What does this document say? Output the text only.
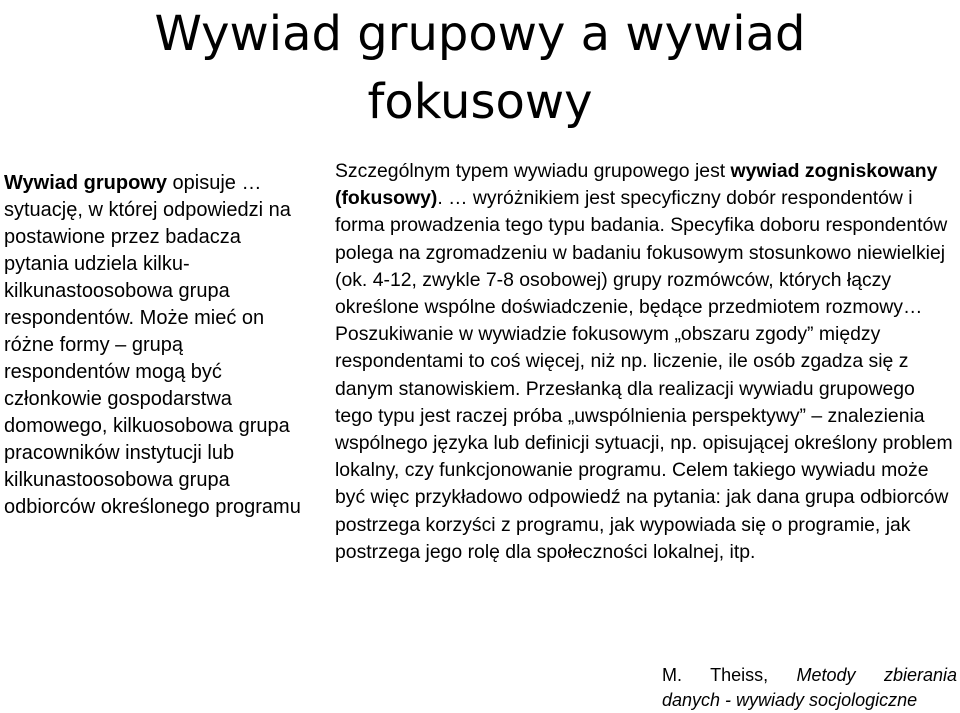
Wywiad grupowy a wywiad fokusowy

Wywiad grupowy opisuje … sytuację, w której odpowiedzi na postawione przez badacza pytania udziela kilku-kilkunastoosobowa grupa respondentów. Może mieć on różne formy – grupą respondentów mogą być członkowie gospodarstwa domowego, kilkuosobowa grupa pracowników instytucji lub kilkunastoosobowa grupa odbiorców określonego programu

Szczególnym typem wywiadu grupowego jest wywiad zogniskowany (fokusowy). … wyróżnikiem jest specyficzny dobór respondentów i forma prowadzenia tego typu badania. Specyfika doboru respondentów polega na zgromadzeniu w badaniu fokusowym stosunkowo niewielkiej (ok. 4-12, zwykle 7-8 osobowej) grupy rozmówców, których łączy określone wspólne doświadczenie, będące przedmiotem rozmowy… Poszukiwanie w wywiadzie fokusowym „obszaru zgody” między respondentami to coś więcej, niż np. liczenie, ile osób zgadza się z danym stanowiskiem. Przesłanką dla realizacji wywiadu grupowego tego typu jest raczej próba „uwspólnienia perspektywy” – znalezienia wspólnego języka lub definicji sytuacji, np. opisującej określony problem lokalny, czy funkcjonowanie programu. Celem takiego wywiadu może być więc przykładowo odpowiedź na pytania: jak dana grupa odbiorców postrzega korzyści z programu, jak wypowiada się o programie, jak postrzega jego rolę dla społeczności lokalnej, itp.

M. Theiss, Metody zbierania
danych - wywiady socjologiczne
